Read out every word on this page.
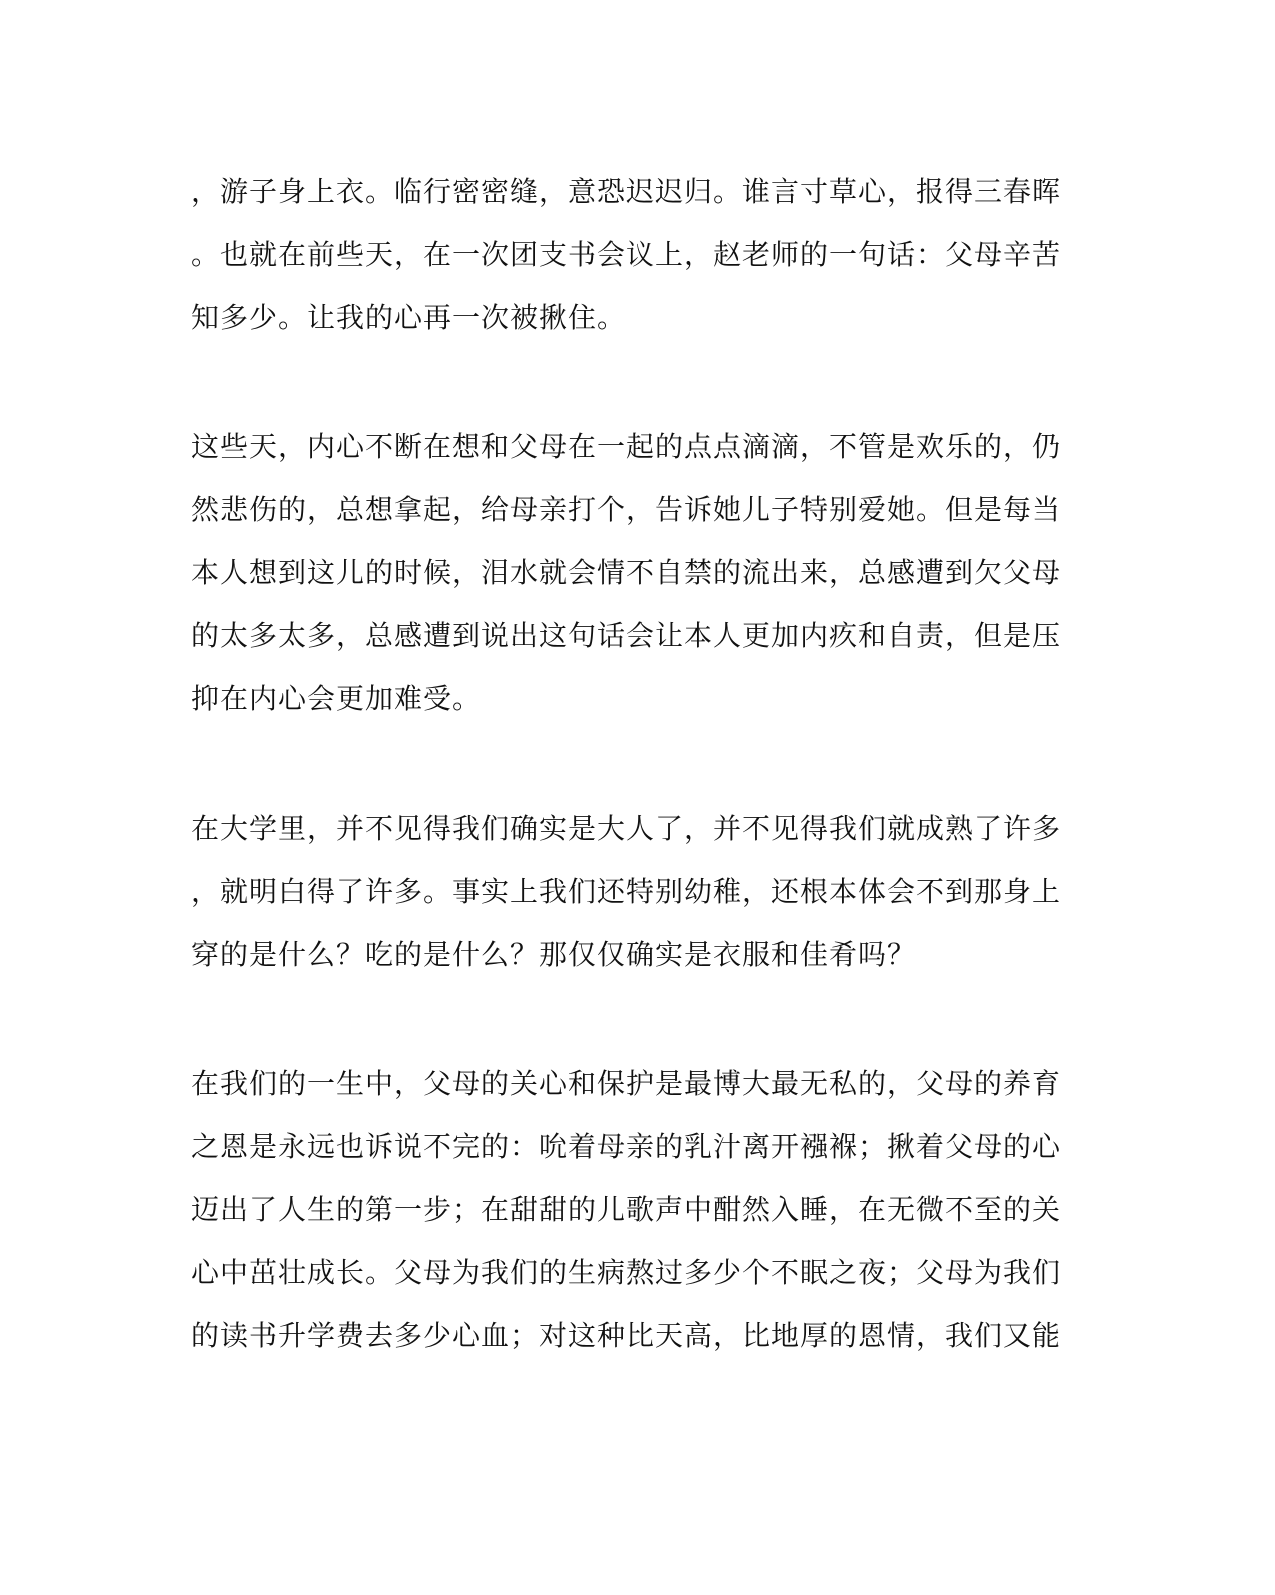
，游子身上衣。临行密密缝，意恐迟迟归。谁言寸草心，报得三春晖
。也就在前些天，在一次团支书会议上，赵老师的一句话：父母辛苦
知多少。让我的心再一次被揪住。
这些天，内心不断在想和父母在一起的点点滴滴，不管是欢乐的，仍
然悲伤的，总想拿起，给母亲打个，告诉她儿子特别爱她。但是每当
本人想到这儿的时候，泪水就会情不自禁的流出来，总感遭到欠父母
的太多太多，总感遭到说出这句话会让本人更加内疚和自责，但是压
抑在内心会更加难受。
在大学里，并不见得我们确实是大人了，并不见得我们就成熟了许多
，就明白得了许多。事实上我们还特别幼稚，还根本体会不到那身上
穿的是什么？吃的是什么？那仅仅确实是衣服和佳肴吗？
在我们的一生中，父母的关心和保护是最博大最无私的，父母的养育
之恩是永远也诉说不完的：吮着母亲的乳汁离开襁褓；揪着父母的心
迈出了人生的第一步；在甜甜的儿歌声中酣然入睡，在无微不至的关
心中茁壮成长。父母为我们的生病熬过多少个不眠之夜；父母为我们
的读书升学费去多少心血；对这种比天高，比地厚的恩情，我们又能
